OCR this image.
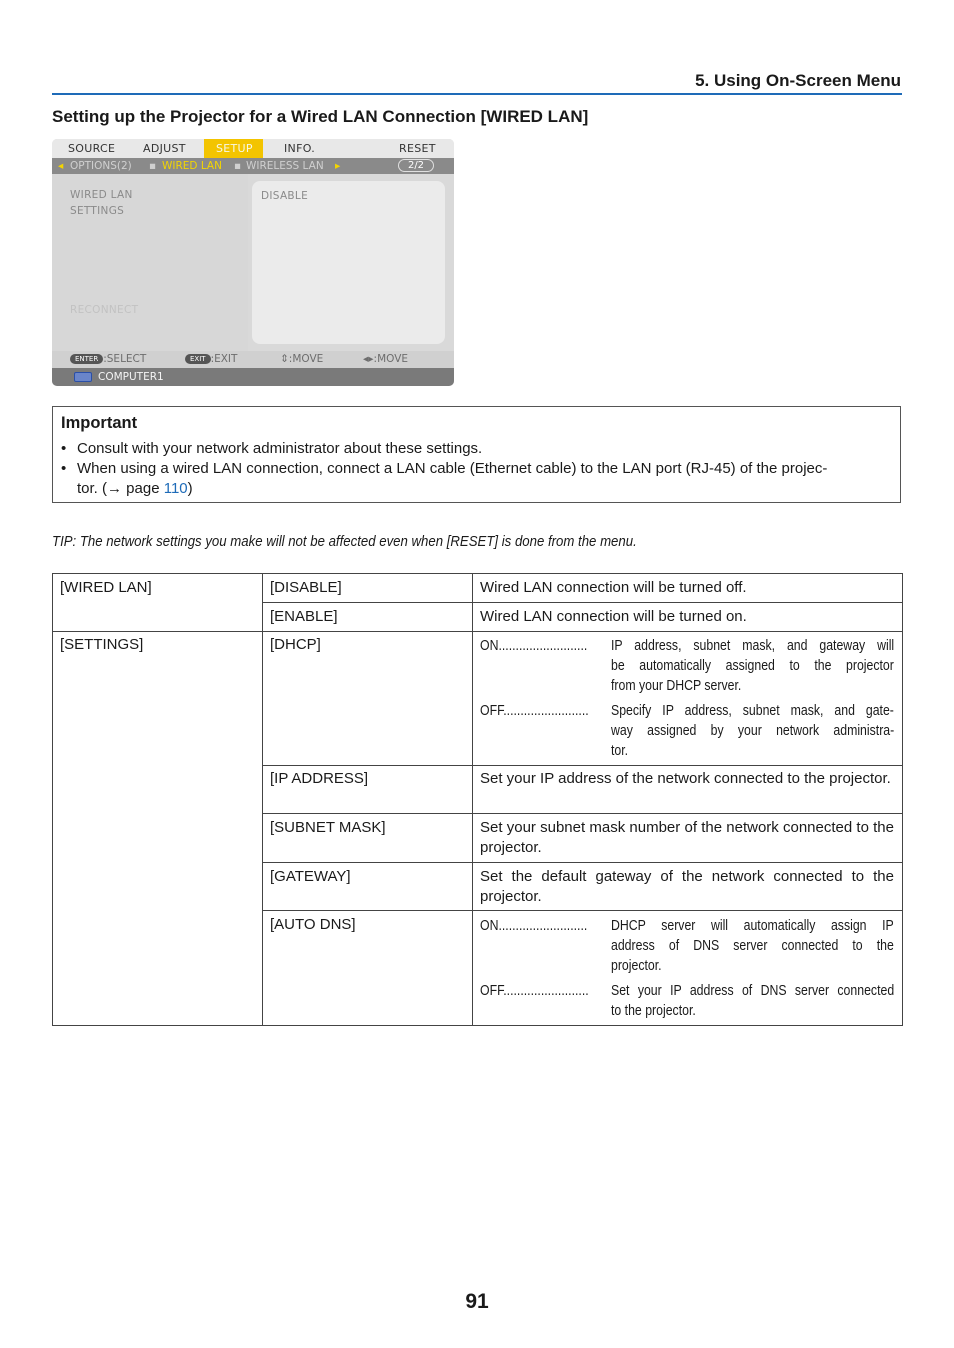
5. Using On-Screen Menu
Setting up the Projector for a Wired LAN Connection [WIRED LAN]
SOURCE	ADJUST	SETUP	INFO.	RESET
◂ OPTIONS(2) ▪ WIRED LAN ▪ WIRELESS LAN ▸	2/2
WIRED LAN
SETTINGS
RECONNECT
DISABLE
ENTER :SELECT	EXIT :EXIT	⇕:MOVE	◂▸:MOVE
COMPUTER1
Important
• Consult with your network administrator about these settings.
• When using a wired LAN connection, connect a LAN cable (Ethernet cable) to the LAN port (RJ-45) of the projec-
tor. (→ page 110)
TIP: The network settings you make will not be affected even when [RESET] is done from the menu.
[WIRED LAN]	[DISABLE]	Wired LAN connection will be turned off.
[ENABLE]	Wired LAN connection will be turned on.
[SETTINGS]	[DHCP]	ON.......................... IP address, subnet mask, and gateway will
be automatically assigned to the projector
from your DHCP server.
OFF......................... Specify IP address, subnet mask, and gate-
way assigned by your network administra-
tor.
[IP ADDRESS]	Set your IP address of the network connected to the projector.
[SUBNET MASK]	Set your subnet mask number of the network connected to the projector.
[GATEWAY]	Set the default gateway of the network connected to the projector.
[AUTO DNS]	ON.......................... DHCP server will automatically assign IP
address of DNS server connected to the
projector.
OFF......................... Set your IP address of DNS server connected
to the projector.
91
